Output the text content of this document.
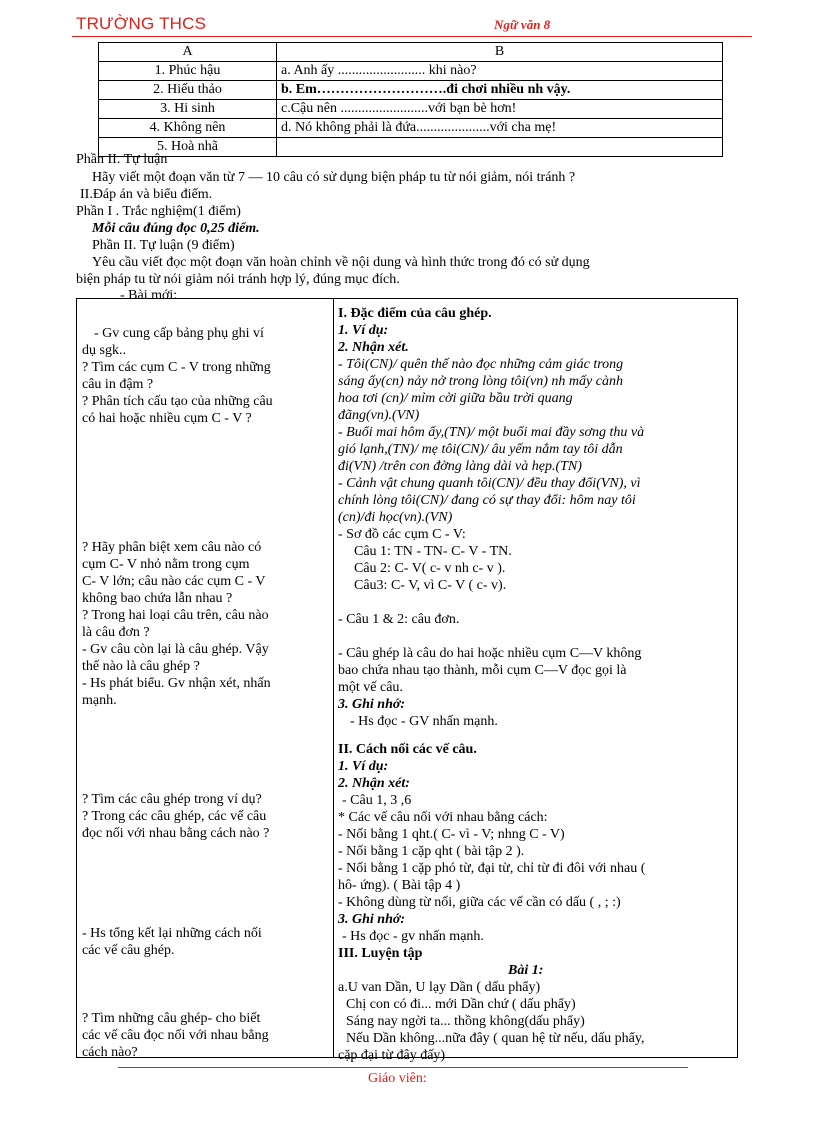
TRƯỜNG THCS	Ngữ văn 8
A	B
1. Phúc hậu	a. Anh ấy ......................... khi nào?
2. Hiếu thảo	b. Em……………………….đi chơi nhiều nh vậy.
3. Hi sinh	c.Cậu nên .........................với bạn bè hơn!
4. Không nên	d. Nó không phải là đứa.....................với cha mẹ!
5. Hoà nhã	
Phần II. Tự luận
Hãy viết một đoạn văn từ 7 — 10 câu có sử dụng biện pháp tu từ nói giảm, nói tránh ?
II.Đáp án và biểu điểm.
Phần I . Trắc nghiệm(1 điểm)
Mỗi câu đúng đọc 0,25 điểm.
Phần II. Tự luận (9 điểm)
Yêu cầu viết đọc một đoạn văn hoàn chỉnh về nội dung và hình thức trong đó có sử dụng
biện pháp tu từ nói giảm nói tránh hợp lý, đúng mục đích.
- Bài mới:
- Gv cung cấp bảng phụ ghi ví
dụ sgk..
? Tìm các cụm C - V trong những
câu in đậm ?
? Phân tích cấu tạo của những câu
có hai hoặc nhiều cụm C - V ?
? Hãy phân biệt xem câu nào có
cụm C- V nhỏ nằm trong cụm
C- V lớn; câu nào các cụm C - V
không bao chứa lẫn nhau ?
? Trong hai loại câu trên, câu nào
là câu đơn ?
- Gv câu còn lại là câu ghép. Vậy
thế nào là câu ghép ?
- Hs phát biểu. Gv nhận xét, nhấn
mạnh.
? Tìm các câu ghép trong ví dụ?
? Trong các câu ghép, các vế câu
đọc nối với nhau bằng cách nào ?
- Hs tổng kết lại những cách nối
các vế câu ghép.
? Tìm những câu ghép- cho biết
các vế câu đọc nối với nhau bằng
cách nào?
I. Đặc điểm của câu ghép.
1. Ví dụ:
2. Nhận xét.
- Tôi(CN)/ quên thế nào đọc những cảm giác trong
sáng ấy(cn) nảy nở trong lòng tôi(vn) nh mấy cành
hoa tơi (cn)/ mỉm cời giữa bầu trời quang
đãng(vn).(VN)
- Buổi mai hôm ấy,(TN)/ một buổi mai đầy sơng thu và
gió lạnh,(TN)/ mẹ tôi(CN)/ âu yếm nắm tay tôi dẫn
đi(VN) /trên con đờng làng dài và hẹp.(TN)
- Cảnh vật chung quanh tôi(CN)/ đều thay đổi(VN), vì
chính lòng tôi(CN)/ đang có sự thay đổi: hôm nay tôi
(cn)/đi học(vn).(VN)
- Sơ đồ các cụm C - V:
Câu 1: TN - TN- C- V - TN.
Câu 2: C- V( c- v nh c- v ).
Câu3: C- V, vì C- V ( c- v).
- Câu 1 & 2: câu đơn.
- Câu ghép là câu do hai hoặc nhiều cụm C—V không
bao chứa nhau tạo thành, mỗi cụm C—V đọc gọi là
một vế câu.
3. Ghi nhớ:
- Hs đọc - GV nhấn mạnh.
II. Cách nối các vế câu.
1. Ví dụ:
2. Nhận xét:
- Câu 1, 3 ,6
* Các vế câu nối với nhau bằng cách:
- Nối bằng 1 qht.( C- vì - V; nhng C - V)
- Nối bằng 1 cặp qht ( bài tập 2 ).
- Nối bằng 1 cặp phó từ, đại từ, chỉ từ đi đôi với nhau (
hô- ứng). ( Bài tập 4 )
- Không dùng từ nối, giữa các vế cần có dấu ( , ; :)
3. Ghi nhớ:
- Hs đọc - gv nhấn mạnh.
III. Luyện tập
Bài 1:
a.U van Dần, U lạy Dần ( dấu phẩy)
Chị con có đi... mới Dần chứ ( dấu phẩy)
Sáng nay ngời ta... thồng không(dấu phẩy)
Nếu Dần không...nữa đây ( quan hệ từ nếu, dấu phẩy,
cặp đại từ đây đấy)
Giáo viên:
